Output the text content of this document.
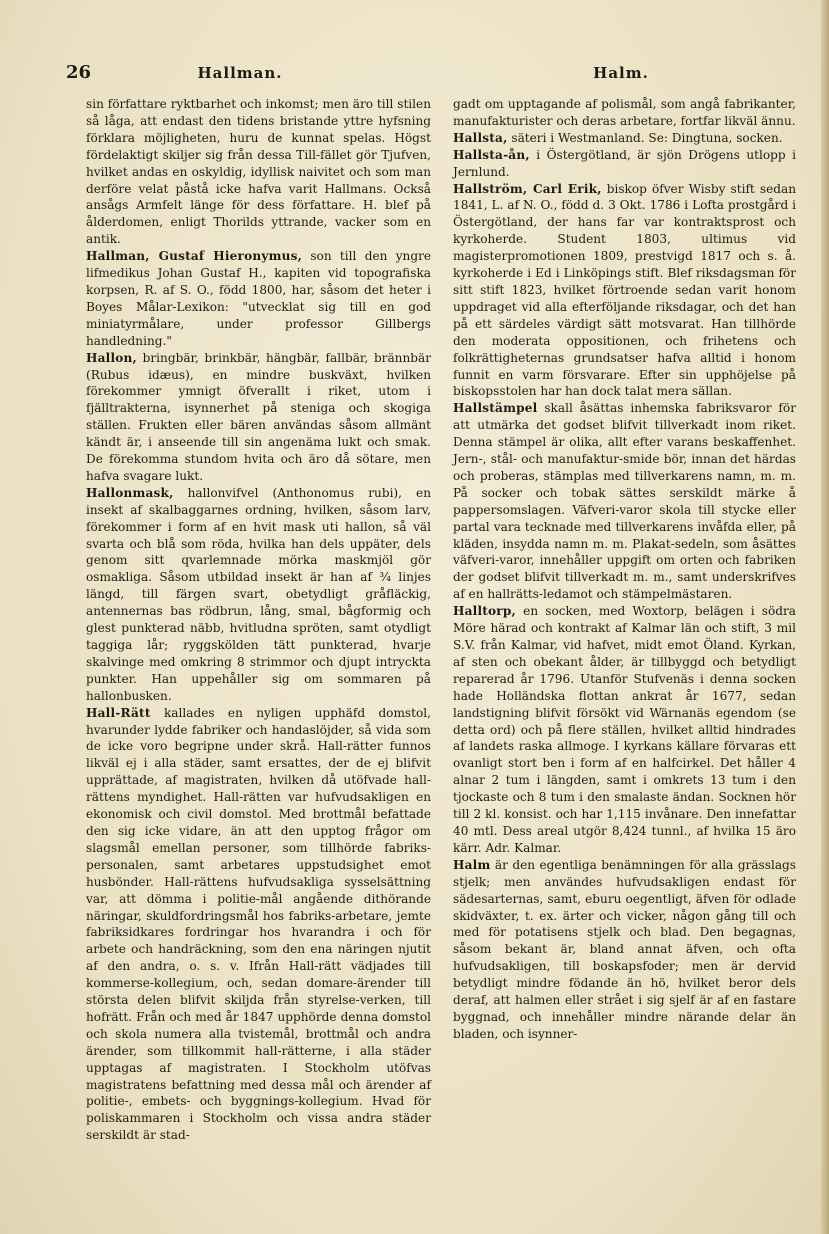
26	Hallman.	Halm.

sin författare ryktbarhet och inkomst; men äro till stilen så låga, att endast den tidens bristande yttre hyfsning förklara möjligheten, huru de kunnat spelas. Högst fördelaktigt skiljer sig från dessa Till-fället gör Tjufven, hvilket andas en oskyldig, idyllisk naivitet och som man derföre velat påstå icke hafva varit Hallmans. Också ansågs Armfelt länge för dess författare. H. blef på ålderdomen, enligt Thorilds yttrande, vacker som en antik.

Hallman, Gustaf Hieronymus, son till den yngre lifmedikus Johan Gustaf H., kapiten vid topografiska korpsen, R. af S. O., född 1800, har, såsom det heter i Boyes Målar-Lexikon: "utvecklat sig till en god miniatyrmålare, under professor Gillbergs handledning."

Hallon, bringbär, brinkbär, hängbär, fallbär, brännbär (Rubus idæus), en mindre buskväxt, hvilken förekommer ymnigt öfverallt i riket, utom i fjälltrakterna, isynnerhet på steniga och skogiga ställen. Frukten eller bären användas såsom allmänt kändt är, i anseende till sin angenäma lukt och smak. De förekomma stundom hvita och äro då sötare, men hafva svagare lukt.

Hallonmask, hallonvifvel (Anthonomus rubi), en insekt af skalbaggarnes ordning, hvilken, såsom larv, förekommer i form af en hvit mask uti hallon, så väl svarta och blå som röda, hvilka han dels uppäter, dels genom sitt qvarlemnade mörka maskmjöl gör osmakliga. Såsom utbildad insekt är han af ¾ linjes längd, till färgen svart, obetydligt gråfläckig, antennernas bas rödbrun, lång, smal, bågformig och glest punkterad näbb, hvitludna spröten, samt otydligt taggiga lår; ryggskölden tätt punkterad, hvarje skalvinge med omkring 8 strimmor och djupt intryckta punkter. Han uppehåller sig om sommaren på hallonbusken.

Hall-Rätt kallades en nyligen upphäfd domstol, hvarunder lydde fabriker och handaslöjder, så vida som de icke voro begripne under skrå. Hall-rätter funnos likväl ej i alla städer, samt ersattes, der de ej blifvit upprättade, af magistraten, hvilken då utöfvade hall-rättens myndighet. Hall-rätten var hufvudsakligen en ekonomisk och civil domstol. Med brottmål befattade den sig icke vidare, än att den upptog frågor om slagsmål emellan personer, som tillhörde fabriks-personalen, samt arbetares uppstudsighet emot husbönder. Hall-rättens hufvudsakliga sysselsättning var, att dömma i politie-mål angående dithörande näringar, skuldfordringsmål hos fabriks-arbetare, jemte fabriksidkares fordringar hos hvarandra i och för arbete och handräckning, som den ena näringen njutit af den andra, o. s. v. Ifrån Hall-rätt vädjades till kommerse-kollegium, och, sedan domare-ärender till största delen blifvit skiljda från styrelse-verken, till hofrätt. Från och med år 1847 upphörde denna domstol och skola numera alla tvistemål, brottmål och andra ärender, som tillkommit hall-rätterne, i alla städer upptagas af magistraten. I Stockholm utöfvas magistratens befattning med dessa mål och ärender af politie-, embets- och byggnings-kollegium. Hvad för poliskammaren i Stockholm och vissa andra städer serskildt är stad-

gadt om upptagande af polismål, som angå fabrikanter, manufakturister och deras arbetare, fortfar likväl ännu.

Hallsta, säteri i Westmanland. Se: Dingtuna, socken.

Hallsta-ån, i Östergötland, är sjön Drögens utlopp i Jernlund.

Hallström, Carl Erik, biskop öfver Wisby stift sedan 1841, L. af N. O., född d. 3 Okt. 1786 i Lofta prostgård i Östergötland, der hans far var kontraktsprost och kyrkoherde. Student 1803, ultimus vid magisterpromotionen 1809, prestvigd 1817 och s. å. kyrkoherde i Ed i Linköpings stift. Blef riksdagsman för sitt stift 1823, hvilket förtroende sedan varit honom uppdraget vid alla efterföljande riksdagar, och det han på ett särdeles värdigt sätt motsvarat. Han tillhörde den moderata oppositionen, och frihetens och folkrättigheternas grundsatser hafva alltid i honom funnit en varm försvarare. Efter sin upphöjelse på biskopsstolen har han dock talat mera sällan.

Hallstämpel skall åsättas inhemska fabriksvaror för att utmärka det godset blifvit tillverkadt inom riket. Denna stämpel är olika, allt efter varans beskaffenhet. Jern-, stål- och manufaktur-smide bör, innan det härdas och proberas, stämplas med tillverkarens namn, m. m. På socker och tobak sättes serskildt märke å pappersomslagen. Väfveri-varor skola till stycke eller partal vara tecknade med tillverkarens invåfda eller, på kläden, insydda namn m. m. Plakat-sedeln, som åsättes väfveri-varor, innehåller uppgift om orten och fabriken der godset blifvit tillverkadt m. m., samt underskrifves af en hallrätts-ledamot och stämpelmästaren.

Halltorp, en socken, med Woxtorp, belägen i södra Möre härad och kontrakt af Kalmar län och stift, 3 mil S.V. från Kalmar, vid hafvet, midt emot Öland. Kyrkan, af sten och obekant ålder, är tillbyggd och betydligt reparerad år 1796. Utanför Stufvenäs i denna socken hade Holländska flottan ankrat år 1677, sedan landstigning blifvit försökt vid Wärnanäs egendom (se detta ord) och på flere ställen, hvilket alltid hindrades af landets raska allmoge. I kyrkans källare förvaras ett ovanligt stort ben i form af en halfcirkel. Det håller 4 alnar 2 tum i längden, samt i omkrets 13 tum i den tjockaste och 8 tum i den smalaste ändan. Socknen hör till 2 kl. konsist. och har 1,115 invånare. Den innefattar 40 mtl. Dess areal utgör 8,424 tunnl., af hvilka 15 äro kärr. Adr. Kalmar.

Halm är den egentliga benämningen för alla grässlags stjelk; men användes hufvudsakligen endast för sädesarternas, samt, eburu oegentligt, äfven för odlade skidväxter, t. ex. ärter och vicker, någon gång till och med för potatisens stjelk och blad. Den begagnas, såsom bekant är, bland annat äfven, och ofta hufvudsakligen, till boskapsfoder; men är dervid betydligt mindre födande än hö, hvilket beror dels deraf, att halmen eller strået i sig sjelf är af en fastare byggnad, och innehåller mindre närande delar än bladen, och isynner-
